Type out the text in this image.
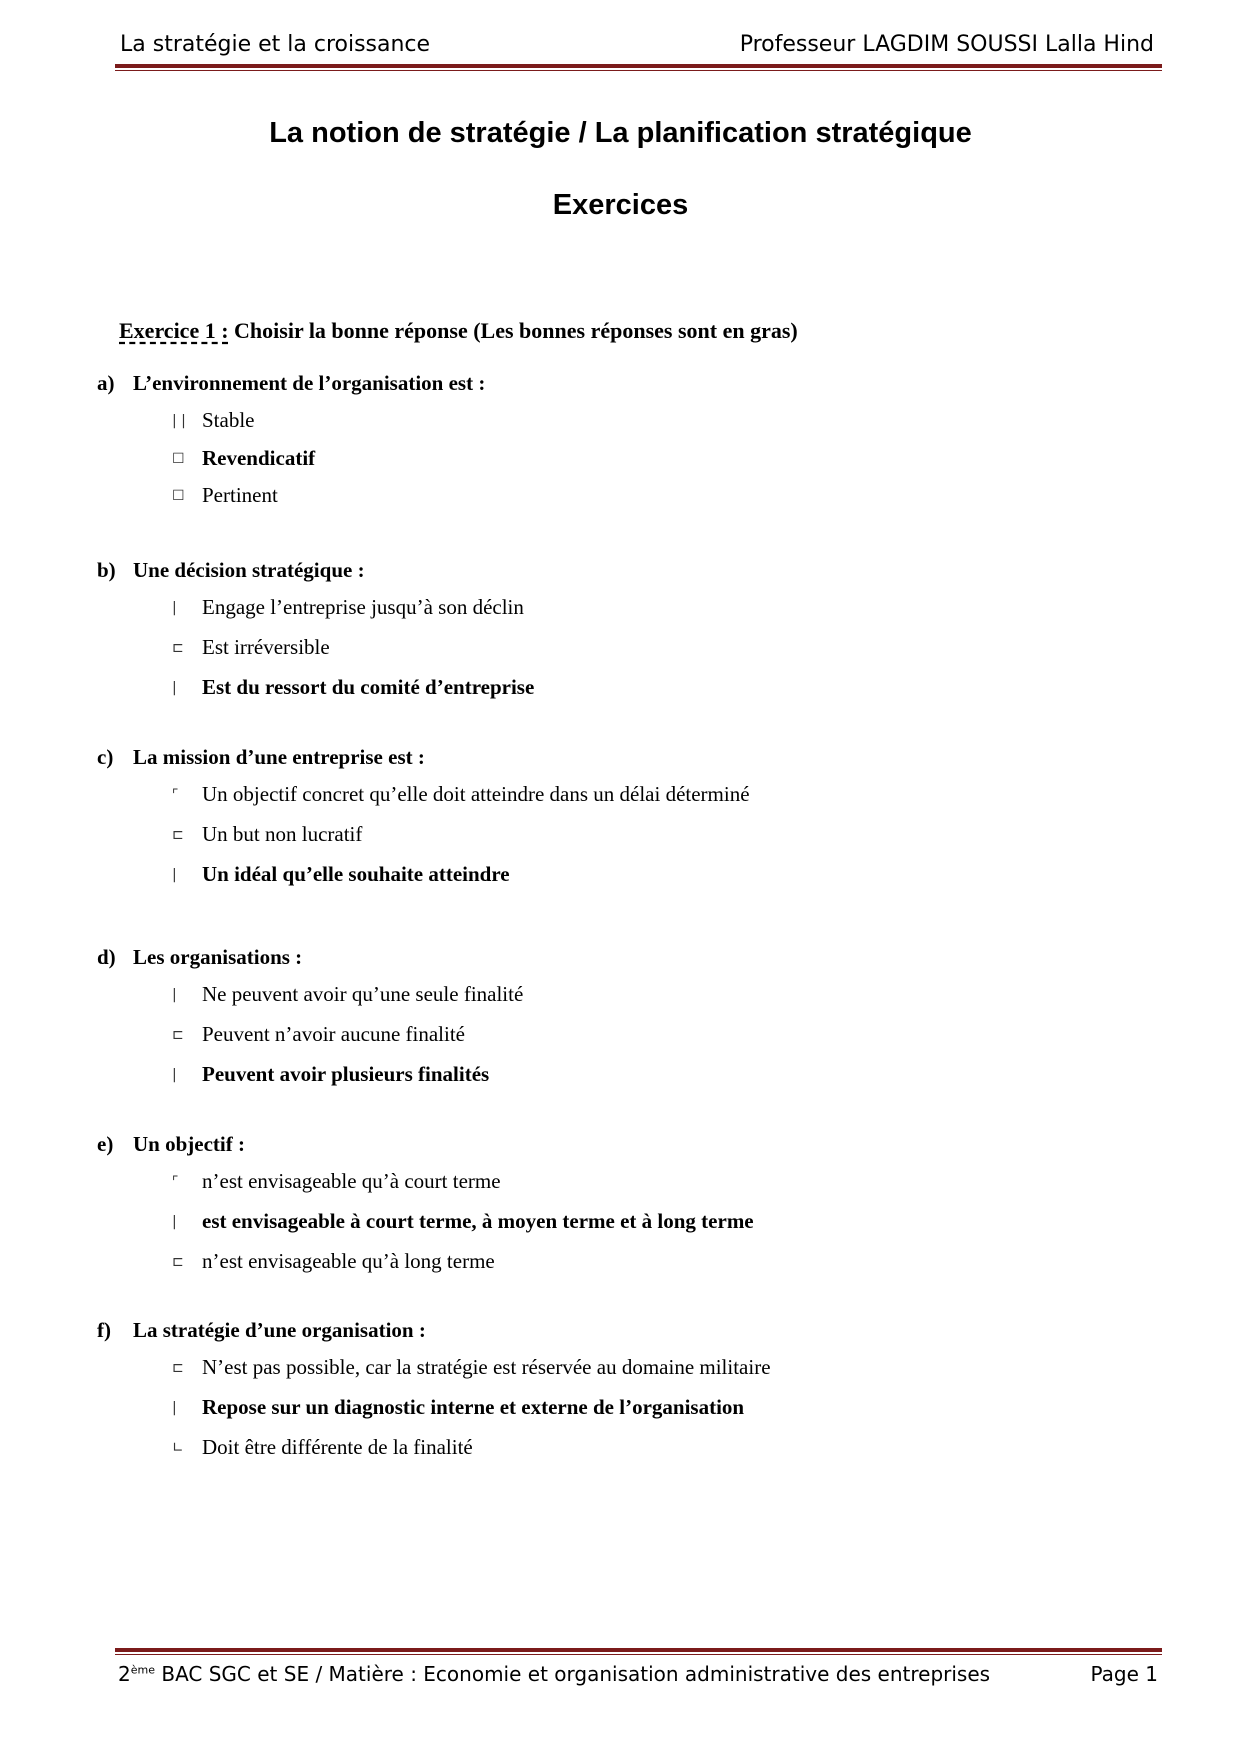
La stratégie et la croissance	Professeur LAGDIM SOUSSI Lalla Hind
La notion de stratégie / La planification stratégique
Exercices
Exercice 1 : Choisir la bonne réponse (Les bonnes réponses sont en gras)
a) L’environnement de l’organisation est :
| | Stable
☐ Revendicatif
☐ Pertinent
b) Une décision stratégique :
| Engage l’entreprise jusqu’à son déclin
⊏ Est irréversible
| Est du ressort du comité d’entreprise
c) La mission d’une entreprise est :
⌜ Un objectif concret qu’elle doit atteindre dans un délai déterminé
⊏ Un but non lucratif
| Un idéal qu’elle souhaite atteindre
d) Les organisations :
| Ne peuvent avoir qu’une seule finalité
⊏ Peuvent n’avoir aucune finalité
| Peuvent avoir plusieurs finalités
e) Un objectif :
⌜ n’est envisageable qu’à court terme
| est envisageable à court terme, à moyen terme et à long terme
⊏ n’est envisageable qu’à long terme
f) La stratégie d’une organisation :
⊏ N’est pas possible, car la stratégie est réservée au domaine militaire
| Repose sur un diagnostic interne et externe de l’organisation
∟ Doit être différente de la finalité
2ème BAC SGC et SE / Matière : Economie et organisation administrative des entreprises	Page 1
